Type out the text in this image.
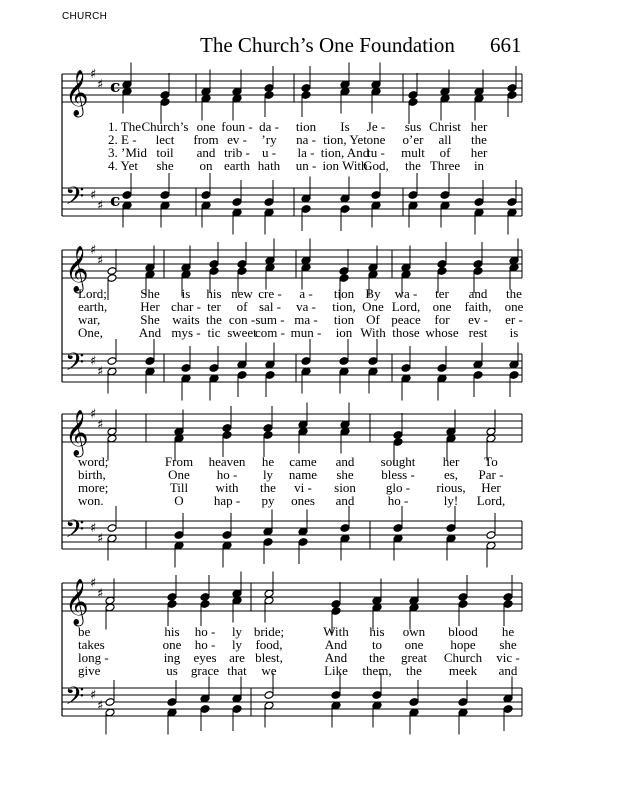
CHURCH
The Church’s One Foundation 661
𝄞
𝄢
♯
♯
♯
♯
c
c
𝄞
𝄢
♯
♯
♯
♯
𝄞
𝄢
♯
♯
♯
♯
𝄞
𝄢
♯
♯
♯
♯
1. The Church’s one foun - da - tion Is Je - sus Christ her
2. E - lect from ev - ’ry na - tion, Yet one o’er all the
3. ’Mid toil and trib - u - la - tion, And
tu - mult of her
4. Yet she on earth hath un - ion With
God, the Three in
Lord;	She is his new cre - a - tion By wa - ter and the
earth,	Her char - ter of sal - va - tion, One Lord, one faith, one
war,	She waits the con - sum - ma - tion Of peace for ev - er -
One,	And mys - tic sweet
com - mun - ion With those whose rest is
word;	From heaven he came and sought her To
birth,	One ho - ly name she bless - es, Par -
more;	Till with the vi - sion glo - rious, Her
won.	O hap - py ones and	ho -	ly! Lord,
be	his ho - ly bride;	With his own blood he
takes	one ho - ly food,	And to one hope she
long -	ing eyes are blest,	And the great Church vic -
give	us grace that we	Like them, the meek and
